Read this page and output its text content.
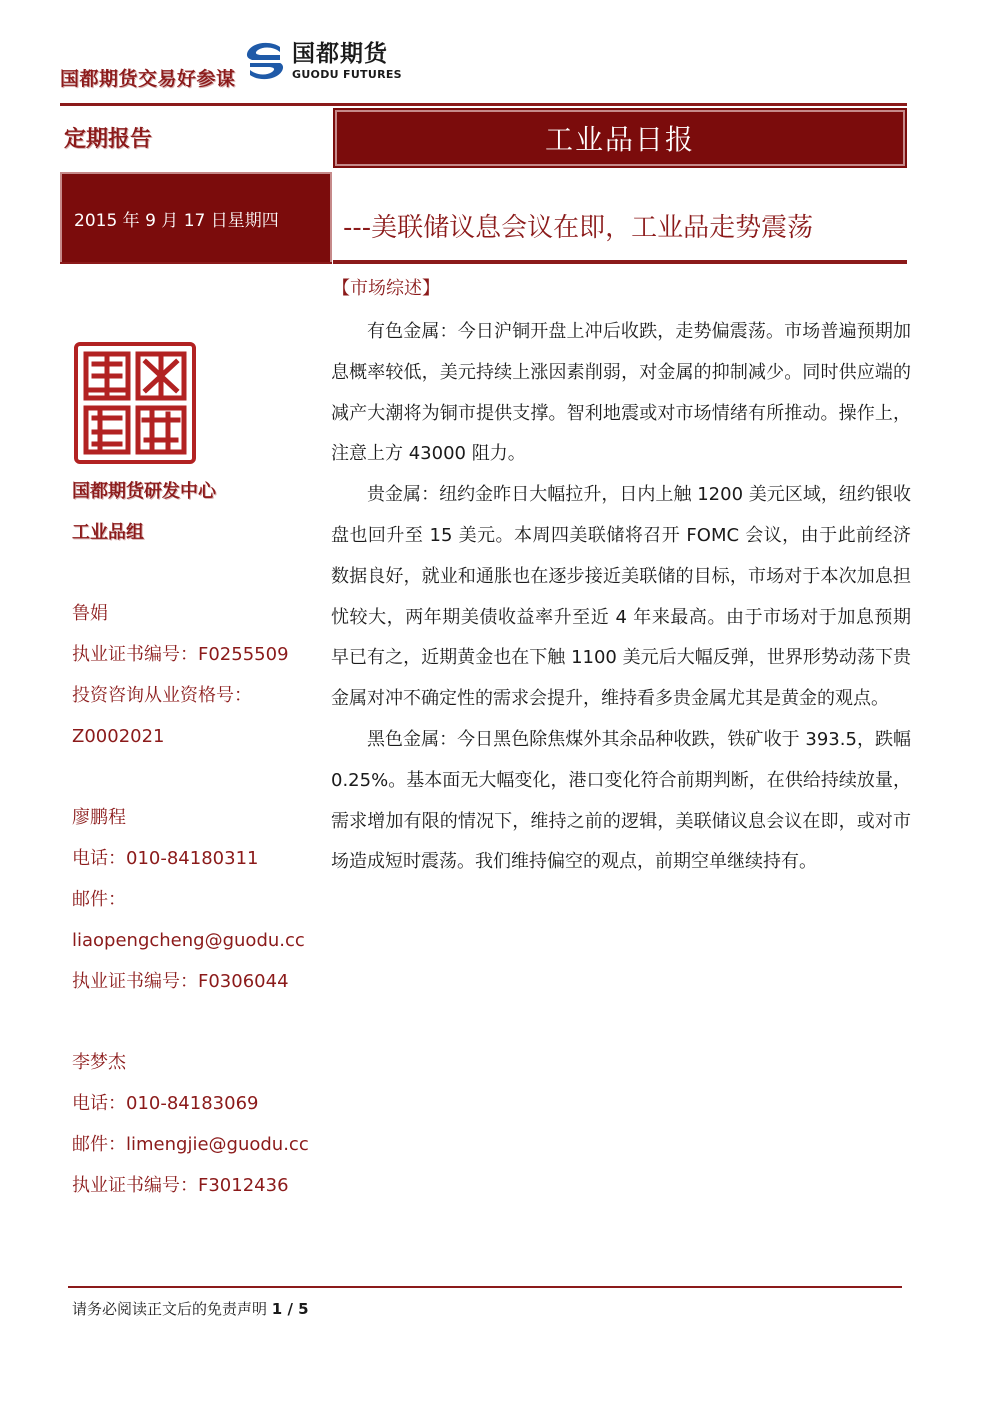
国都期货交易好参谋
国都期货
GUODU FUTURES
定期报告	工业品日报
2015 年 9 月 17 日星期四 ---美联储议息会议在即，工业品走势震荡
国都期货研发中心
工业品组
鲁娟
执业证书编号：F0255509
投资咨询从业资格号：
Z0002021
廖鹏程
电话：010-84180311
邮件：
liaopengcheng@guodu.cc
执业证书编号：F0306044
李梦杰
电话：010-84183069
邮件：limengjie@guodu.cc
执业证书编号：F3012436
【市场综述】

有色金属：今日沪铜开盘上冲后收跌，走势偏震荡。市场普遍预期加息概率较低，美元持续上涨因素削弱，对金属的抑制减少。同时供应端的减产大潮将为铜市提供支撑。智利地震或对市场情绪有所推动。操作上，注意上方 43000 阻力。

贵金属：纽约金昨日大幅拉升，日内上触 1200 美元区域，纽约银收盘也回升至 15 美元。本周四美联储将召开 FOMC 会议，由于此前经济数据良好，就业和通胀也在逐步接近美联储的目标，市场对于本次加息担忧较大，两年期美债收益率升至近 4 年来最高。由于市场对于加息预期早已有之，近期黄金也在下触 1100 美元后大幅反弹，世界形势动荡下贵金属对冲不确定性的需求会提升，维持看多贵金属尤其是黄金的观点。

黑色金属：今日黑色除焦煤外其余品种收跌，铁矿收于 393.5，跌幅 0.25%。基本面无大幅变化，港口变化符合前期判断，在供给持续放量，需求增加有限的情况下，维持之前的逻辑，美联储议息会议在即，或对市场造成短时震荡。我们维持偏空的观点，前期空单继续持有。

请务必阅读正文后的免责声明 1 / 5
